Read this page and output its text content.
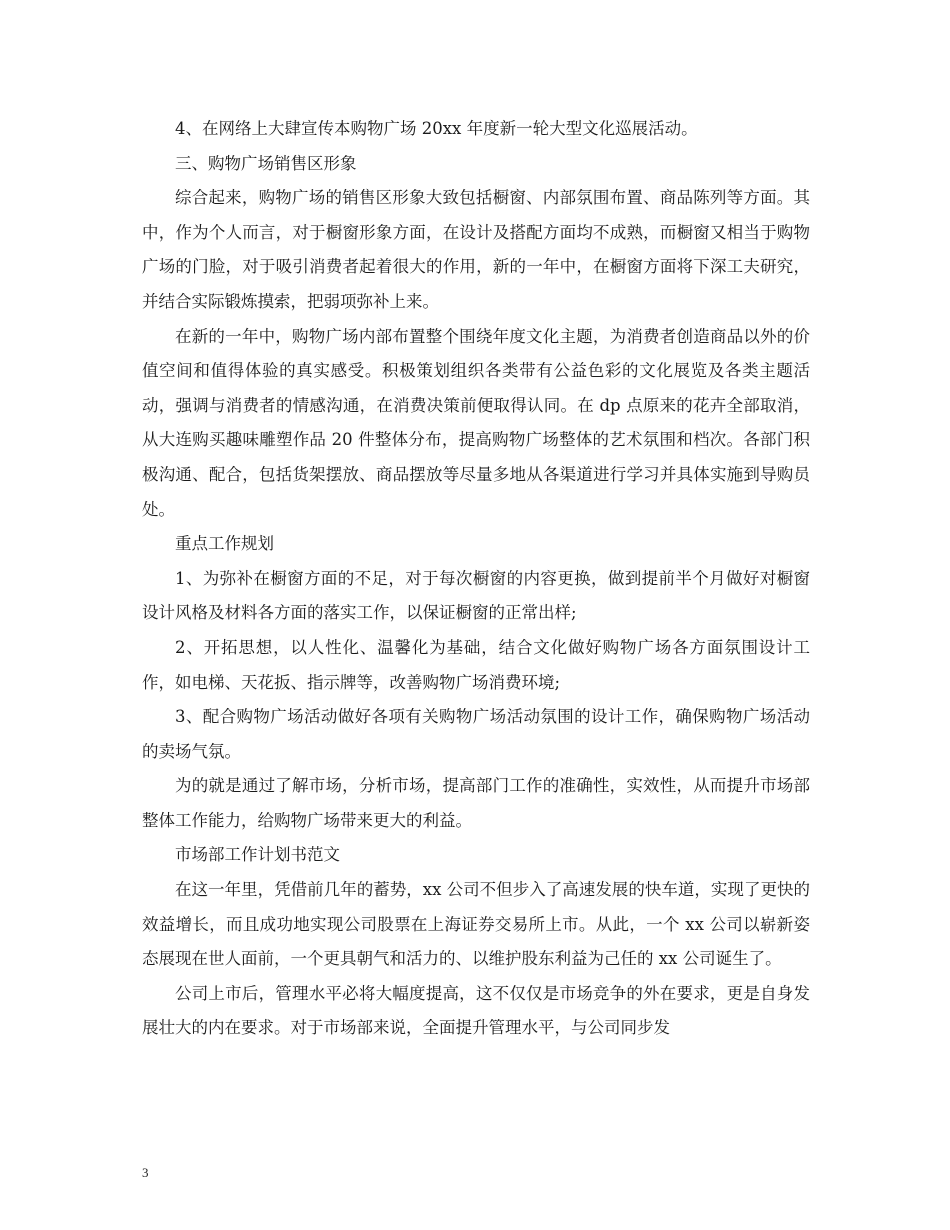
4、在网络上大肆宣传本购物广场 20xx 年度新一轮大型文化巡展活动。

三、购物广场销售区形象

综合起来，购物广场的销售区形象大致包括橱窗、内部氛围布置、商品陈列等方面。其中，作为个人而言，对于橱窗形象方面，在设计及搭配方面均不成熟，而橱窗又相当于购物广场的门脸，对于吸引消费者起着很大的作用，新的一年中，在橱窗方面将下深工夫研究，并结合实际锻炼摸索，把弱项弥补上来。

在新的一年中，购物广场内部布置整个围绕年度文化主题，为消费者创造商品以外的价值空间和值得体验的真实感受。积极策划组织各类带有公益色彩的文化展览及各类主题活动，强调与消费者的情感沟通，在消费决策前便取得认同。在 dp 点原来的花卉全部取消，从大连购买趣味雕塑作品 20 件整体分布，提高购物广场整体的艺术氛围和档次。各部门积极沟通、配合，包括货架摆放、商品摆放等尽量多地从各渠道进行学习并具体实施到导购员处。

重点工作规划

1、为弥补在橱窗方面的不足，对于每次橱窗的内容更换，做到提前半个月做好对橱窗设计风格及材料各方面的落实工作，以保证橱窗的正常出样;

2、开拓思想，以人性化、温馨化为基础，结合文化做好购物广场各方面氛围设计工作，如电梯、天花扳、指示牌等，改善购物广场消费环境;

3、配合购物广场活动做好各项有关购物广场活动氛围的设计工作，确保购物广场活动的卖场气氛。

为的就是通过了解市场，分析市场，提高部门工作的准确性，实效性，从而提升市场部整体工作能力，给购物广场带来更大的利益。

市场部工作计划书范文

在这一年里，凭借前几年的蓄势，xx 公司不但步入了高速发展的快车道，实现了更快的效益增长，而且成功地实现公司股票在上海证券交易所上市。从此，一个 xx 公司以崭新姿态展现在世人面前，一个更具朝气和活力的、以维护股东利益为己任的 xx 公司诞生了。

公司上市后，管理水平必将大幅度提高，这不仅仅是市场竞争的外在要求，更是自身发展壮大的内在要求。对于市场部来说，全面提升管理水平，与公司同步发

3
